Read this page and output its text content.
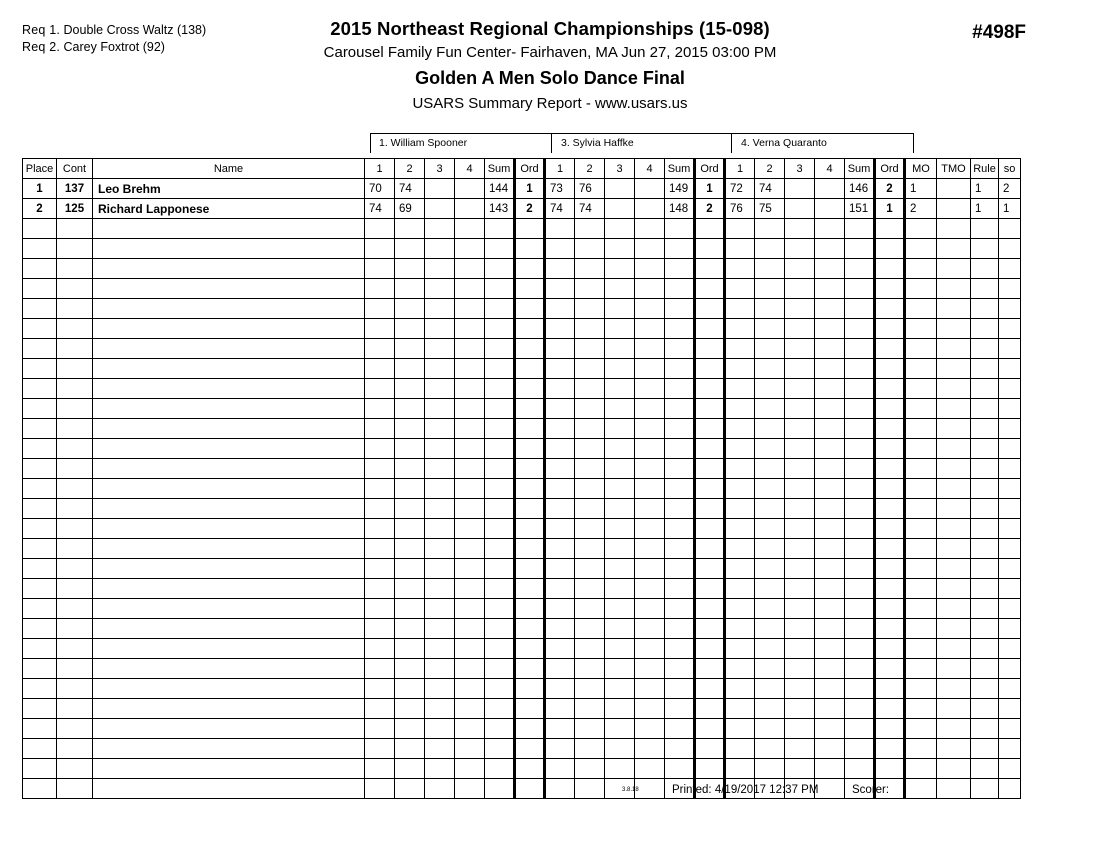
Req 1. Double Cross Waltz (138)
Req 2. Carey Foxtrot (92)
#498F
2015 Northeast Regional Championships (15-098)
Carousel Family Fun Center- Fairhaven, MA Jun 27, 2015 03:00 PM
Golden A Men Solo Dance Final
USARS Summary Report - www.usars.us
1. William Spooner	3. Sylvia Haffke	4. Verna Quaranto
Place	Cont	Name	1	2	3	4	Sum	Ord	1	2	3	4	Sum	Ord	1	2	3	4	Sum	Ord	MO	TMO	Rule	so
1	137	Leo Brehm	70	74			144	1	73	76			149	1	72	74			146	2	1		1	2
2	125	Richard Lapponese	74	69			143	2	74	74			148	2	76	75			151	1	2		1	1

3.8.18	Printed: 4/19/2017 12:37 PM	Scorer:
